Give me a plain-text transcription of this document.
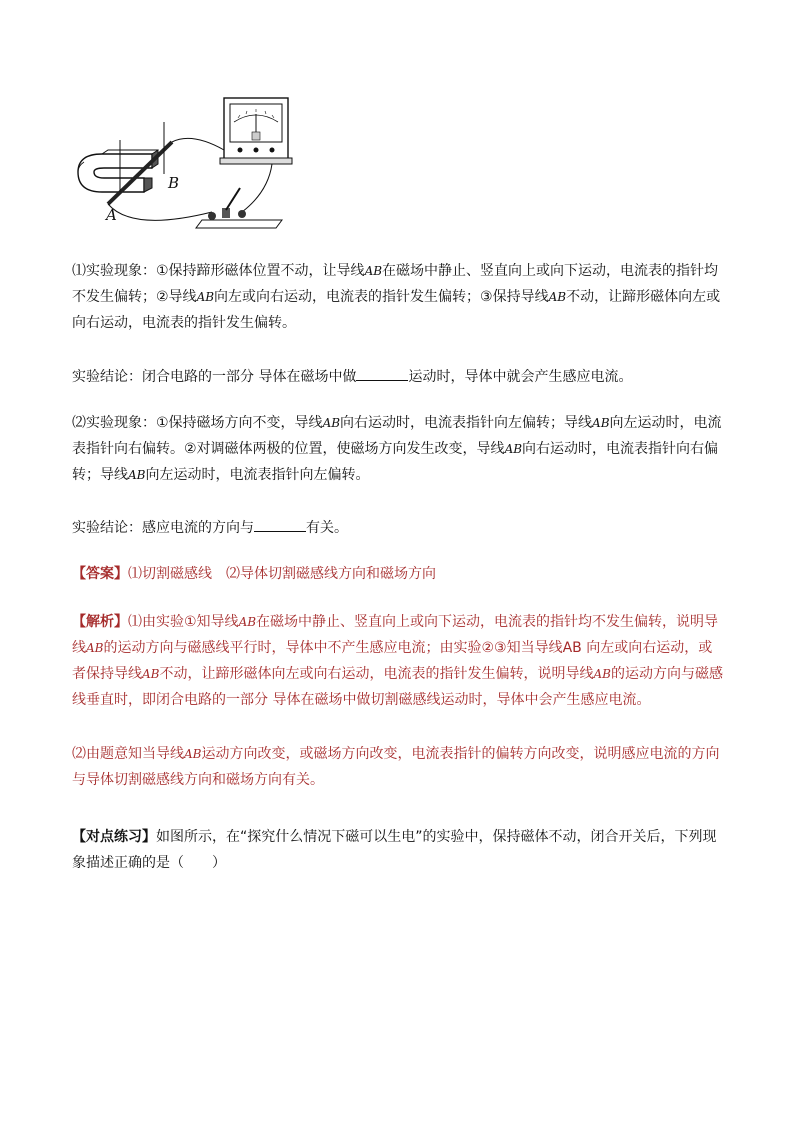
A
B

⑴实验现象：①保持蹄形磁体位置不动，让导线AB在磁场中静止、竖直向上或向下运动，电流表的指针均不发生偏转；②导线AB向左或向右运动，电流表的指针发生偏转；③保持导线AB不动，让蹄形磁体向左或向右运动，电流表的指针发生偏转。

实验结论：闭合电路的一部分 导体在磁场中做	运动时，导体中就会产生感应电流。

⑵实验现象：①保持磁场方向不变，导线AB向右运动时，电流表指针向左偏转；导线AB向左运动时，电流表指针向右偏转。②对调磁体两极的位置，使磁场方向发生改变，导线AB向右运动时，电流表指针向右偏转；导线AB向左运动时，电流表指针向左偏转。

实验结论：感应电流的方向与	有关。

【答案】⑴切割磁感线　⑵导体切割磁感线方向和磁场方向

【解析】⑴由实验①知导线AB在磁场中静止、竖直向上或向下运动，电流表的指针均不发生偏转，说明导线AB的运动方向与磁感线平行时，导体中不产生感应电流；由实验②③知当导线AB 向左或向右运动，或者保持导线AB不动，让蹄形磁体向左或向右运动，电流表的指针发生偏转，说明导线AB的运动方向与磁感线垂直时，即闭合电路的一部分 导体在磁场中做切割磁感线运动时，导体中会产生感应电流。

⑵由题意知当导线AB运动方向改变，或磁场方向改变，电流表指针的偏转方向改变，说明感应电流的方向与导体切割磁感线方向和磁场方向有关。

【对点练习】如图所示，在“探究什么情况下磁可以生电”的实验中，保持磁体不动，闭合开关后，下列现象描述正确的是（　　）
